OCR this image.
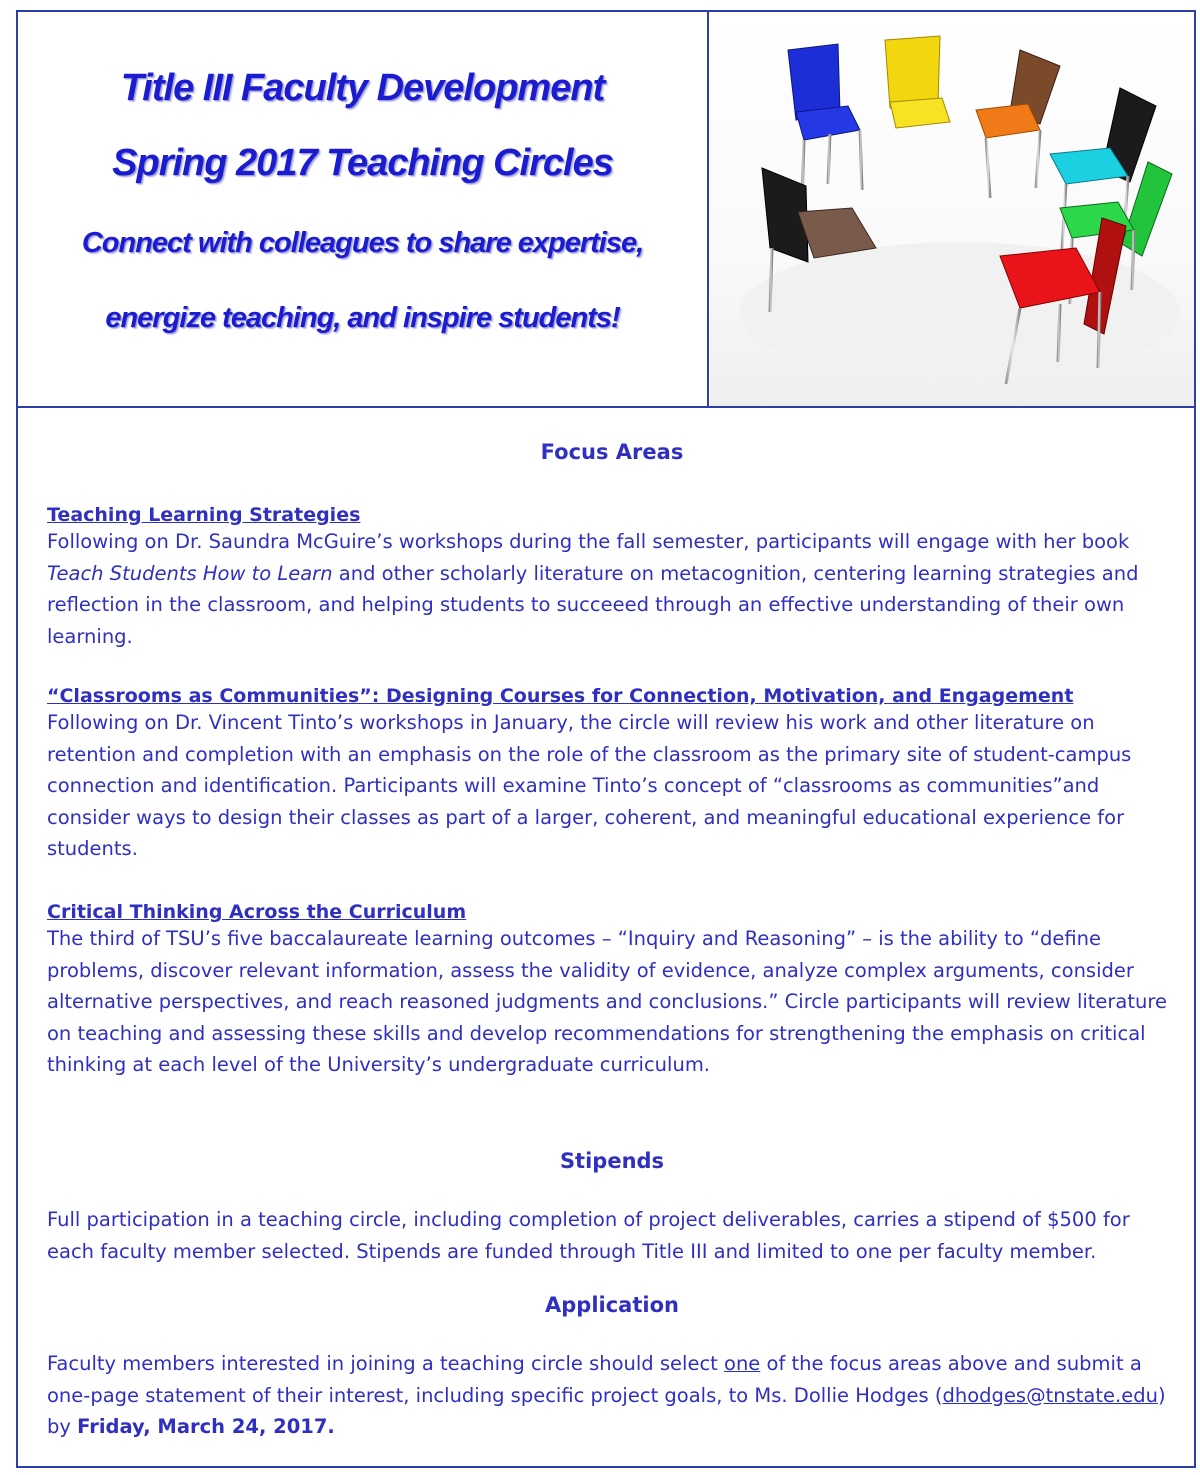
Title III Faculty Development
Spring 2017 Teaching Circles
Connect with colleagues to share expertise,
energize teaching, and inspire students!
Focus Areas
Teaching Learning Strategies

Following on Dr. Saundra McGuire’s workshops during the fall semester, participants will engage with her book Teach Students How to Learn and other scholarly literature on metacognition, centering learning strategies and reflection in the classroom, and helping students to succeeed through an effective understanding of their own learning.

“Classrooms as Communities”: Designing Courses for Connection, Motivation, and Engagement

Following on Dr. Vincent Tinto’s workshops in January, the circle will review his work and other literature on retention and completion with an emphasis on the role of the classroom as the primary site of student-campus connection and identification. Participants will examine Tinto’s concept of “classrooms as communities”and consider ways to design their classes as part of a larger, coherent, and meaningful educational experience for students.

Critical Thinking Across the Curriculum

The third of TSU’s five baccalaureate learning outcomes – “Inquiry and Reasoning” – is the ability to “define problems, discover relevant information, assess the validity of evidence, analyze complex arguments, consider alternative perspectives, and reach reasoned judgments and conclusions.” Circle participants will review literature on teaching and assessing these skills and develop recommendations for strengthening the emphasis on critical thinking at each level of the University’s undergraduate curriculum.

Stipends

Full participation in a teaching circle, including completion of project deliverables, carries a stipend of $500 for each faculty member selected. Stipends are funded through Title III and limited to one per faculty member.

Application

Faculty members interested in joining a teaching circle should select one of the focus areas above and submit a one-page statement of their interest, including specific project goals, to Ms. Dollie Hodges (dhodges@tnstate.edu) by Friday, March 24, 2017.
